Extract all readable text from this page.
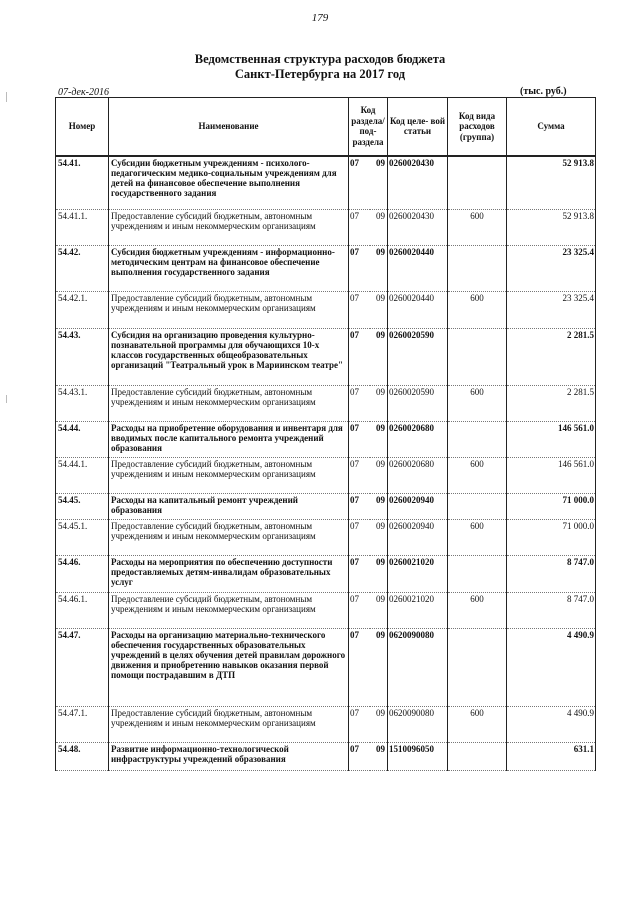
179
Ведомственная структура расходов бюджета
Санкт-Петербурга на 2017 год
07-дек-2016	(тыс. руб.)
Номер	Наименование	Код раздела/ под- раздела		Код целе- вой статьи	Код вида расходов (группа)	Сумма
54.41.	Субсидии бюджетным учреждениям - психолого-педагогическим медико-социальным учреждениям для детей на финансовое обеспечение выполнения государственного задания	07	09	0260020430		52 913.8
54.41.1.	Предоставление субсидий бюджетным, автономным учреждениям и иным некоммерческим организациям	07	09	0260020430	600	52 913.8
54.42.	Субсидия бюджетным учреждениям - информационно-методическим центрам на финансовое обеспечение выполнения государственного задания	07	09	0260020440		23 325.4
54.42.1.	Предоставление субсидий бюджетным, автономным учреждениям и иным некоммерческим организациям	07	09	0260020440	600	23 325.4
54.43.	Субсидия на организацию проведения культурно-познавательной программы для обучающихся 10-х классов государственных общеобразовательных организаций "Театральный урок в Мариинском театре"	07	09	0260020590		2 281.5
54.43.1.	Предоставление субсидий бюджетным, автономным учреждениям и иным некоммерческим организациям	07	09	0260020590	600	2 281.5
54.44.	Расходы на приобретение оборудования и инвентаря для вводимых после капитального ремонта учреждений образования	07	09	0260020680		146 561.0
54.44.1.	Предоставление субсидий бюджетным, автономным учреждениям и иным некоммерческим организациям	07	09	0260020680	600	146 561.0
54.45.	Расходы на капитальный ремонт учреждений образования	07	09	0260020940		71 000.0
54.45.1.	Предоставление субсидий бюджетным, автономным учреждениям и иным некоммерческим организациям	07	09	0260020940	600	71 000.0
54.46.	Расходы на мероприятия по обеспечению доступности предоставляемых детям-инвалидам образовательных услуг	07	09	0260021020		8 747.0
54.46.1.	Предоставление субсидий бюджетным, автономным учреждениям и иным некоммерческим организациям	07	09	0260021020	600	8 747.0
54.47.	Расходы на организацию материально-технического обеспечения государственных образовательных учреждений в целях обучения детей правилам дорожного движения и приобретению навыков оказания первой помощи пострадавшим в ДТП	07	09	0620090080		4 490.9
54.47.1.	Предоставление субсидий бюджетным, автономным учреждениям и иным некоммерческим организациям	07	09	0620090080	600	4 490.9
54.48.	Развитие информационно-технологической инфраструктуры учреждений образования	07	09	1510096050		631.1
